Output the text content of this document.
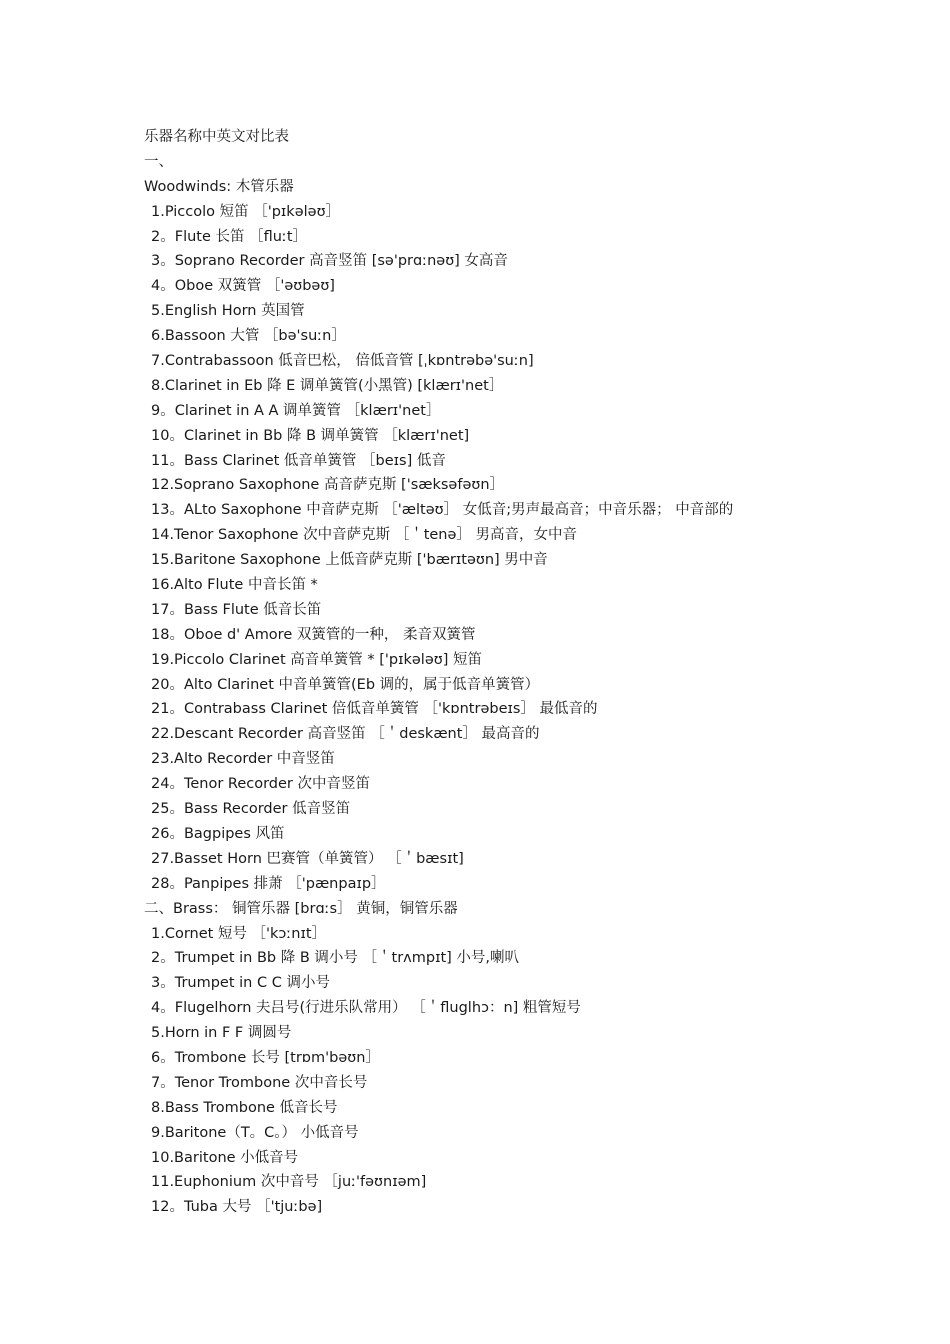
乐器名称中英文对比表
一、
Woodwinds: 木管乐器
1.Piccolo 短笛 ［'pɪkələʊ］
2。Flute 长笛 ［fluːt］
3。Soprano Recorder 高音竖笛 [sə'prɑːnəʊ] 女高音
4。Oboe 双簧管 ［'əʊbəʊ]
5.English Horn 英国管
6.Bassoon 大管 ［bə'suːn］
7.Contrabassoon 低音巴松， 倍低音管 [ˌkɒntrəbə'suːn]
8.Clarinet in Eb 降 E 调单簧管(小黑管) [klærɪ'net］
9。Clarinet in A A 调单簧管 ［klærɪ'net］
10。Clarinet in Bb 降 B 调单簧管 ［klærɪ'net]
11。Bass Clarinet 低音单簧管 ［beɪs] 低音
12.Soprano Saxophone 高音萨克斯 ['sæksəfəʊn］
13。ALto Saxophone 中音萨克斯 ［'æltəʊ］ 女低音;男声最高音；中音乐器； 中音部的
14.Tenor Saxophone 次中音萨克斯 ［＇tenə］ 男高音，女中音
15.Baritone Saxophone 上低音萨克斯 ['bærɪtəʊn] 男中音
16.Alto Flute 中音长笛 *
17。Bass Flute 低音长笛
18。Oboe d' Amore 双簧管的一种， 柔音双簧管
19.Piccolo Clarinet 高音单簧管 * ['pɪkələʊ] 短笛
20。Alto Clarinet 中音单簧管(Eb 调的，属于低音单簧管）
21。Contrabass Clarinet 倍低音单簧管 ［'kɒntrəbeɪs］ 最低音的
22.Descant Recorder 高音竖笛 ［＇deskænt］ 最高音的
23.Alto Recorder 中音竖笛
24。Tenor Recorder 次中音竖笛
25。Bass Recorder 低音竖笛
26。Bagpipes 风笛
27.Basset Horn 巴赛管（单簧管） ［＇bæsɪt]
28。Panpipes 排萧 ［'pænpaɪp］
二、Brass： 铜管乐器 [brɑːs］ 黄铜，铜管乐器
1.Cornet 短号 ［'kɔːnɪt］
2。Trumpet in Bb 降 B 调小号 ［＇trʌmpɪt] 小号,喇叭
3。Trumpet in C C 调小号
4。Flugelhorn 夫吕号(行进乐队常用） ［＇fluglhɔ：n] 粗管短号
5.Horn in F F 调圆号
6。Trombone 长号 [trɒm'bəʊn］
7。Tenor Trombone 次中音长号
8.Bass Trombone 低音长号
9.Baritone（T。C。） 小低音号
10.Baritone 小低音号
11.Euphonium 次中音号 ［juː'fəʊnɪəm]
12。Tuba 大号 ［'tjuːbə]
